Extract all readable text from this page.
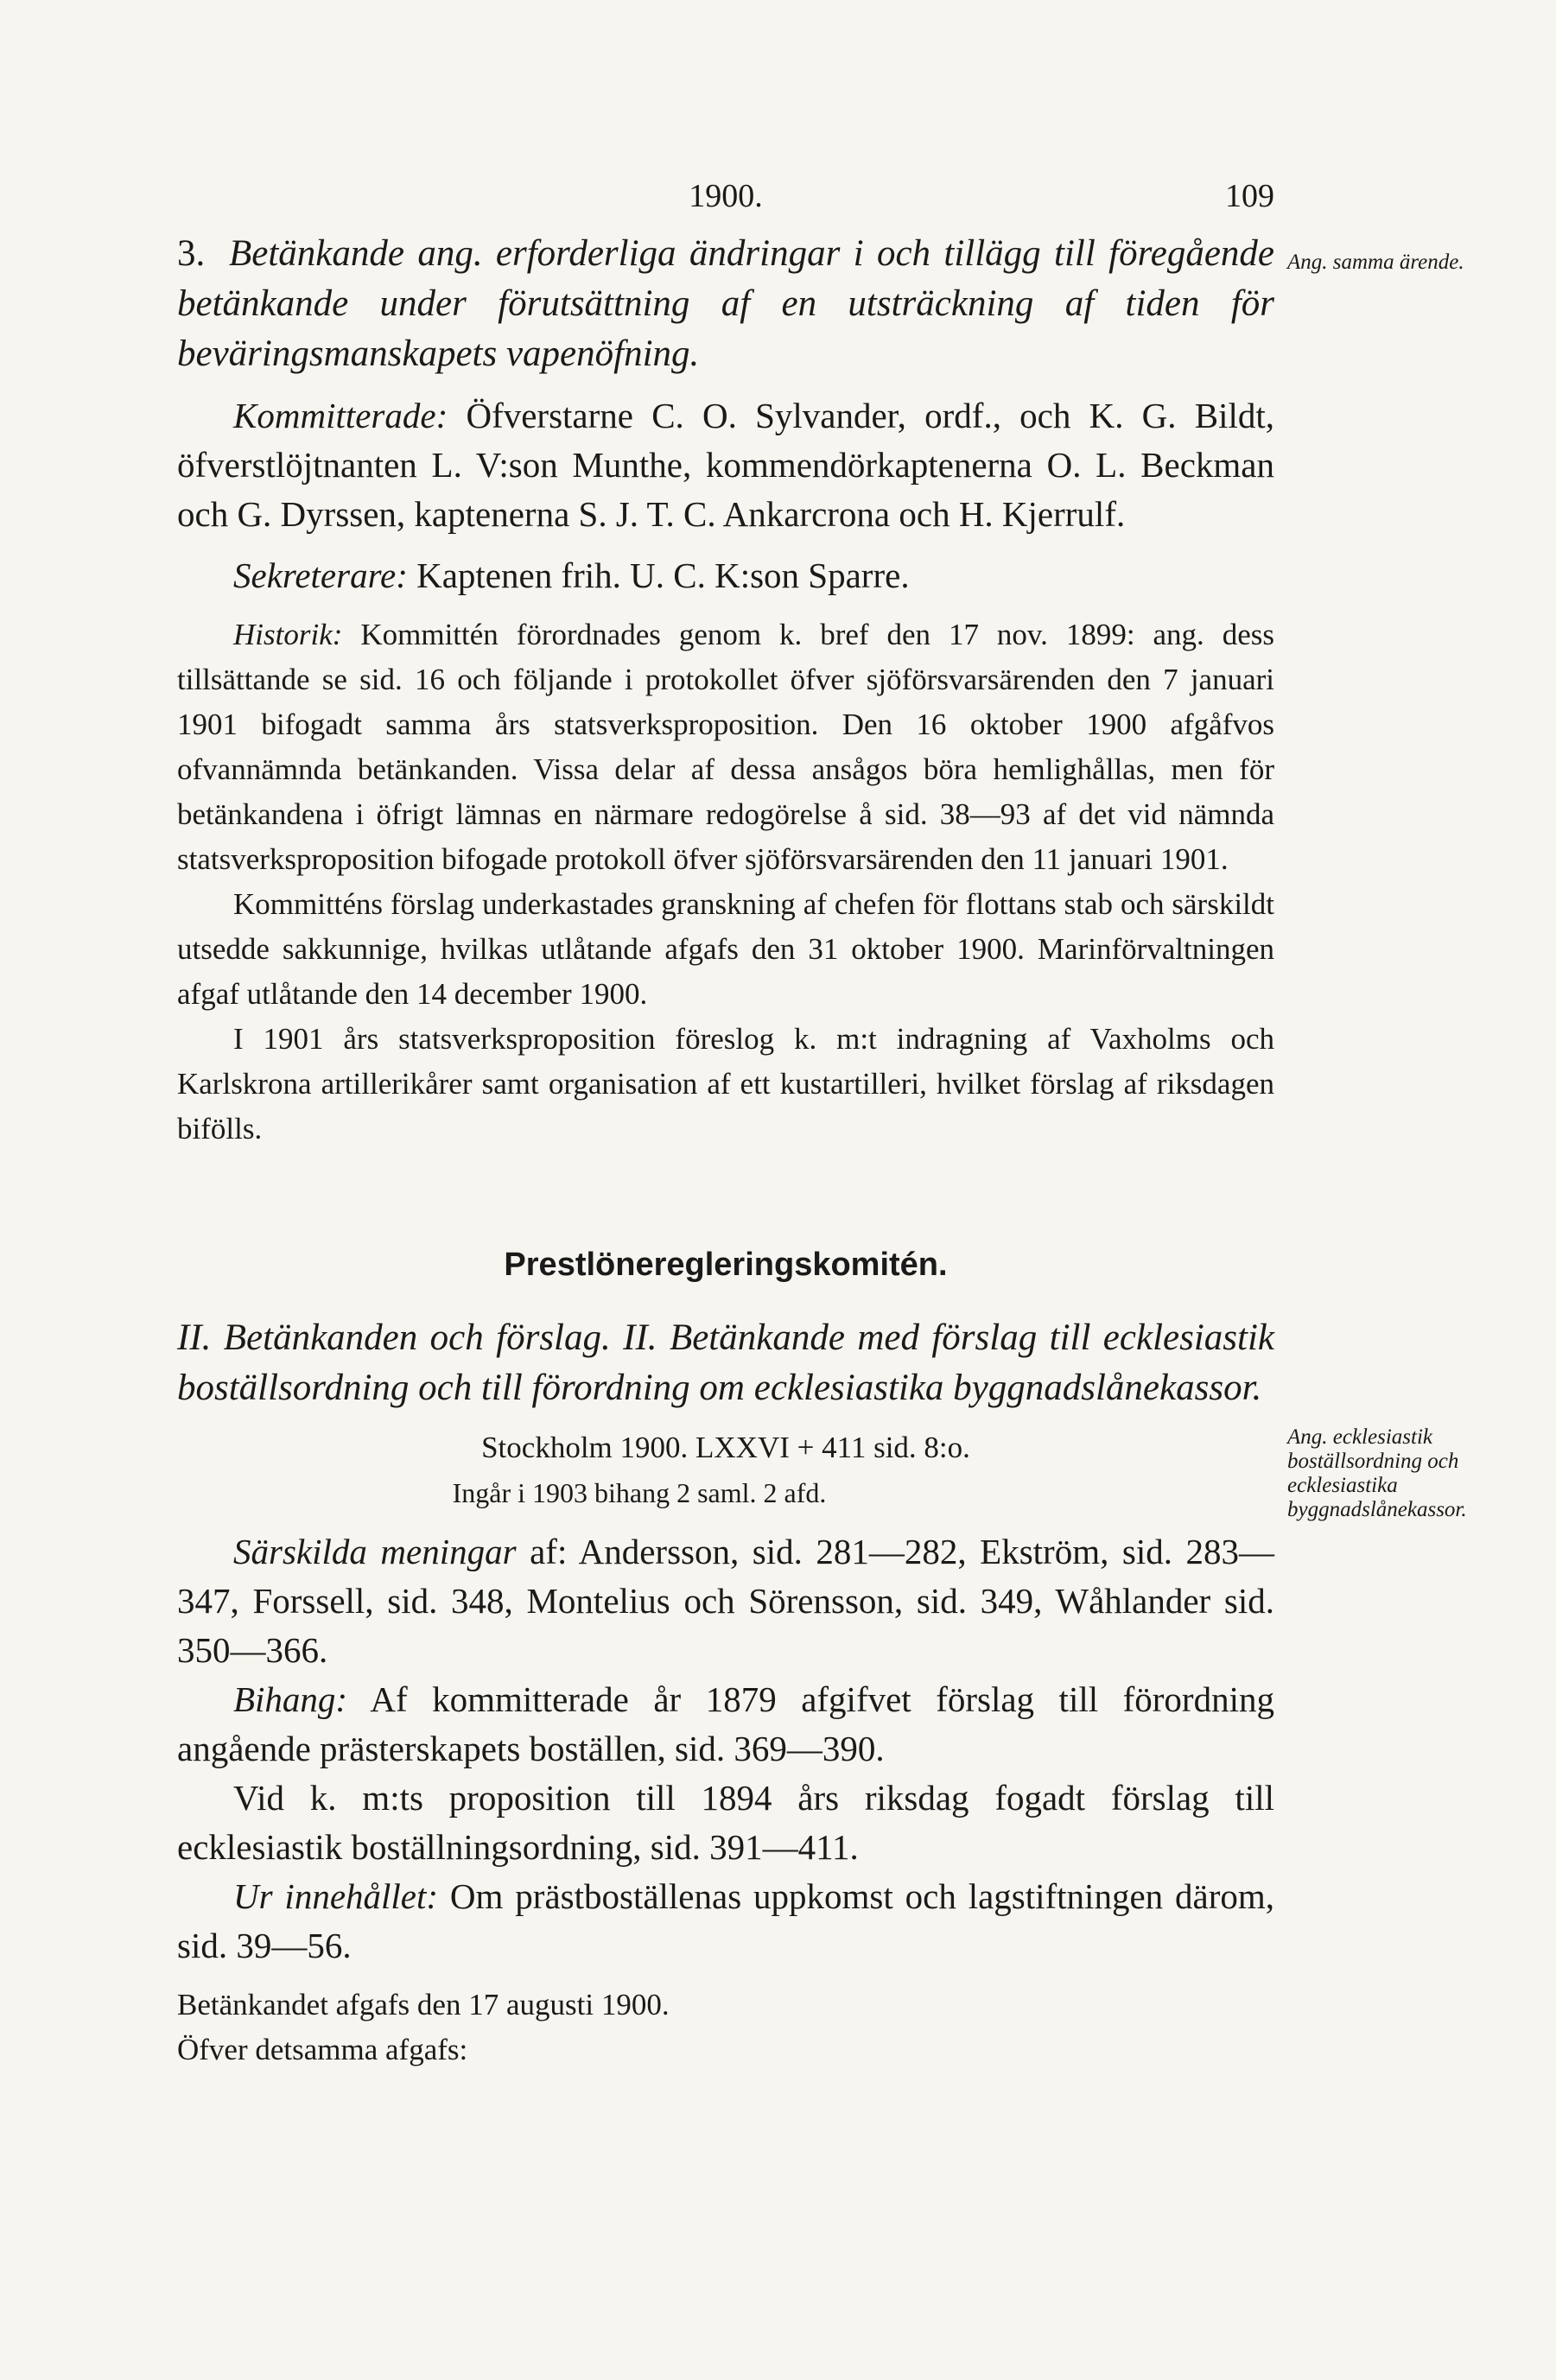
1900.	109

3. Betänkande ang. erforderliga ändringar i och tillägg till föregående betänkande under förutsättning af en utsträckning af tiden för beväringsmanskapets vapenöfning.

Kommitterade: Öfverstarne C. O. Sylvander, ordf., och K. G. Bildt, öfverstlöjtnanten L. V:son Munthe, kommendörkaptenerna O. L. Beckman och G. Dyrssen, kaptenerna S. J. T. C. Ankarcrona och H. Kjerrulf.

Sekreterare: Kaptenen frih. U. C. K:son Sparre.

Historik: Kommittén förordnades genom k. bref den 17 nov. 1899: ang. dess tillsättande se sid. 16 och följande i protokollet öfver sjöförsvarsärenden den 7 januari 1901 bifogadt samma års statsverksproposition. Den 16 oktober 1900 afgåfvos ofvannämnda betänkanden. Vissa delar af dessa ansågos böra hemlighållas, men för betänkandena i öfrigt lämnas en närmare redogörelse å sid. 38—93 af det vid nämnda statsverksproposition bifogade protokoll öfver sjöförsvarsärenden den 11 januari 1901.

Kommitténs förslag underkastades granskning af chefen för flottans stab och särskildt utsedde sakkunnige, hvilkas utlåtande afgafs den 31 oktober 1900. Marinförvaltningen afgaf utlåtande den 14 december 1900.

I 1901 års statsverksproposition föreslog k. m:t indragning af Vaxholms och Karlskrona artillerikårer samt organisation af ett kustartilleri, hvilket förslag af riksdagen bifölls.

Prestlöneregleringskomitén.

II. Betänkanden och förslag. II. Betänkande med förslag till ecklesiastik boställsordning och till förordning om ecklesiastika byggnadslånekassor.

Stockholm 1900. LXXVI + 411 sid. 8:o.

Ingår i 1903 bihang 2 saml. 2 afd.

Särskilda meningar af: Andersson, sid. 281—282, Ekström, sid. 283—347, Forssell, sid. 348, Montelius och Sörensson, sid. 349, Wåhlander sid. 350—366.

Bihang: Af kommitterade år 1879 afgifvet förslag till förordning angående prästerskapets boställen, sid. 369—390.

Vid k. m:ts proposition till 1894 års riksdag fogadt förslag till ecklesiastik boställningsordning, sid. 391—411.

Ur innehållet: Om prästboställenas uppkomst och lagstiftningen därom, sid. 39—56.

Betänkandet afgafs den 17 augusti 1900.

Öfver detsamma afgafs:

Ang. samma ärende.
Ang. ecklesiastik boställsordning och ecklesiastika byggnadslånekassor.
